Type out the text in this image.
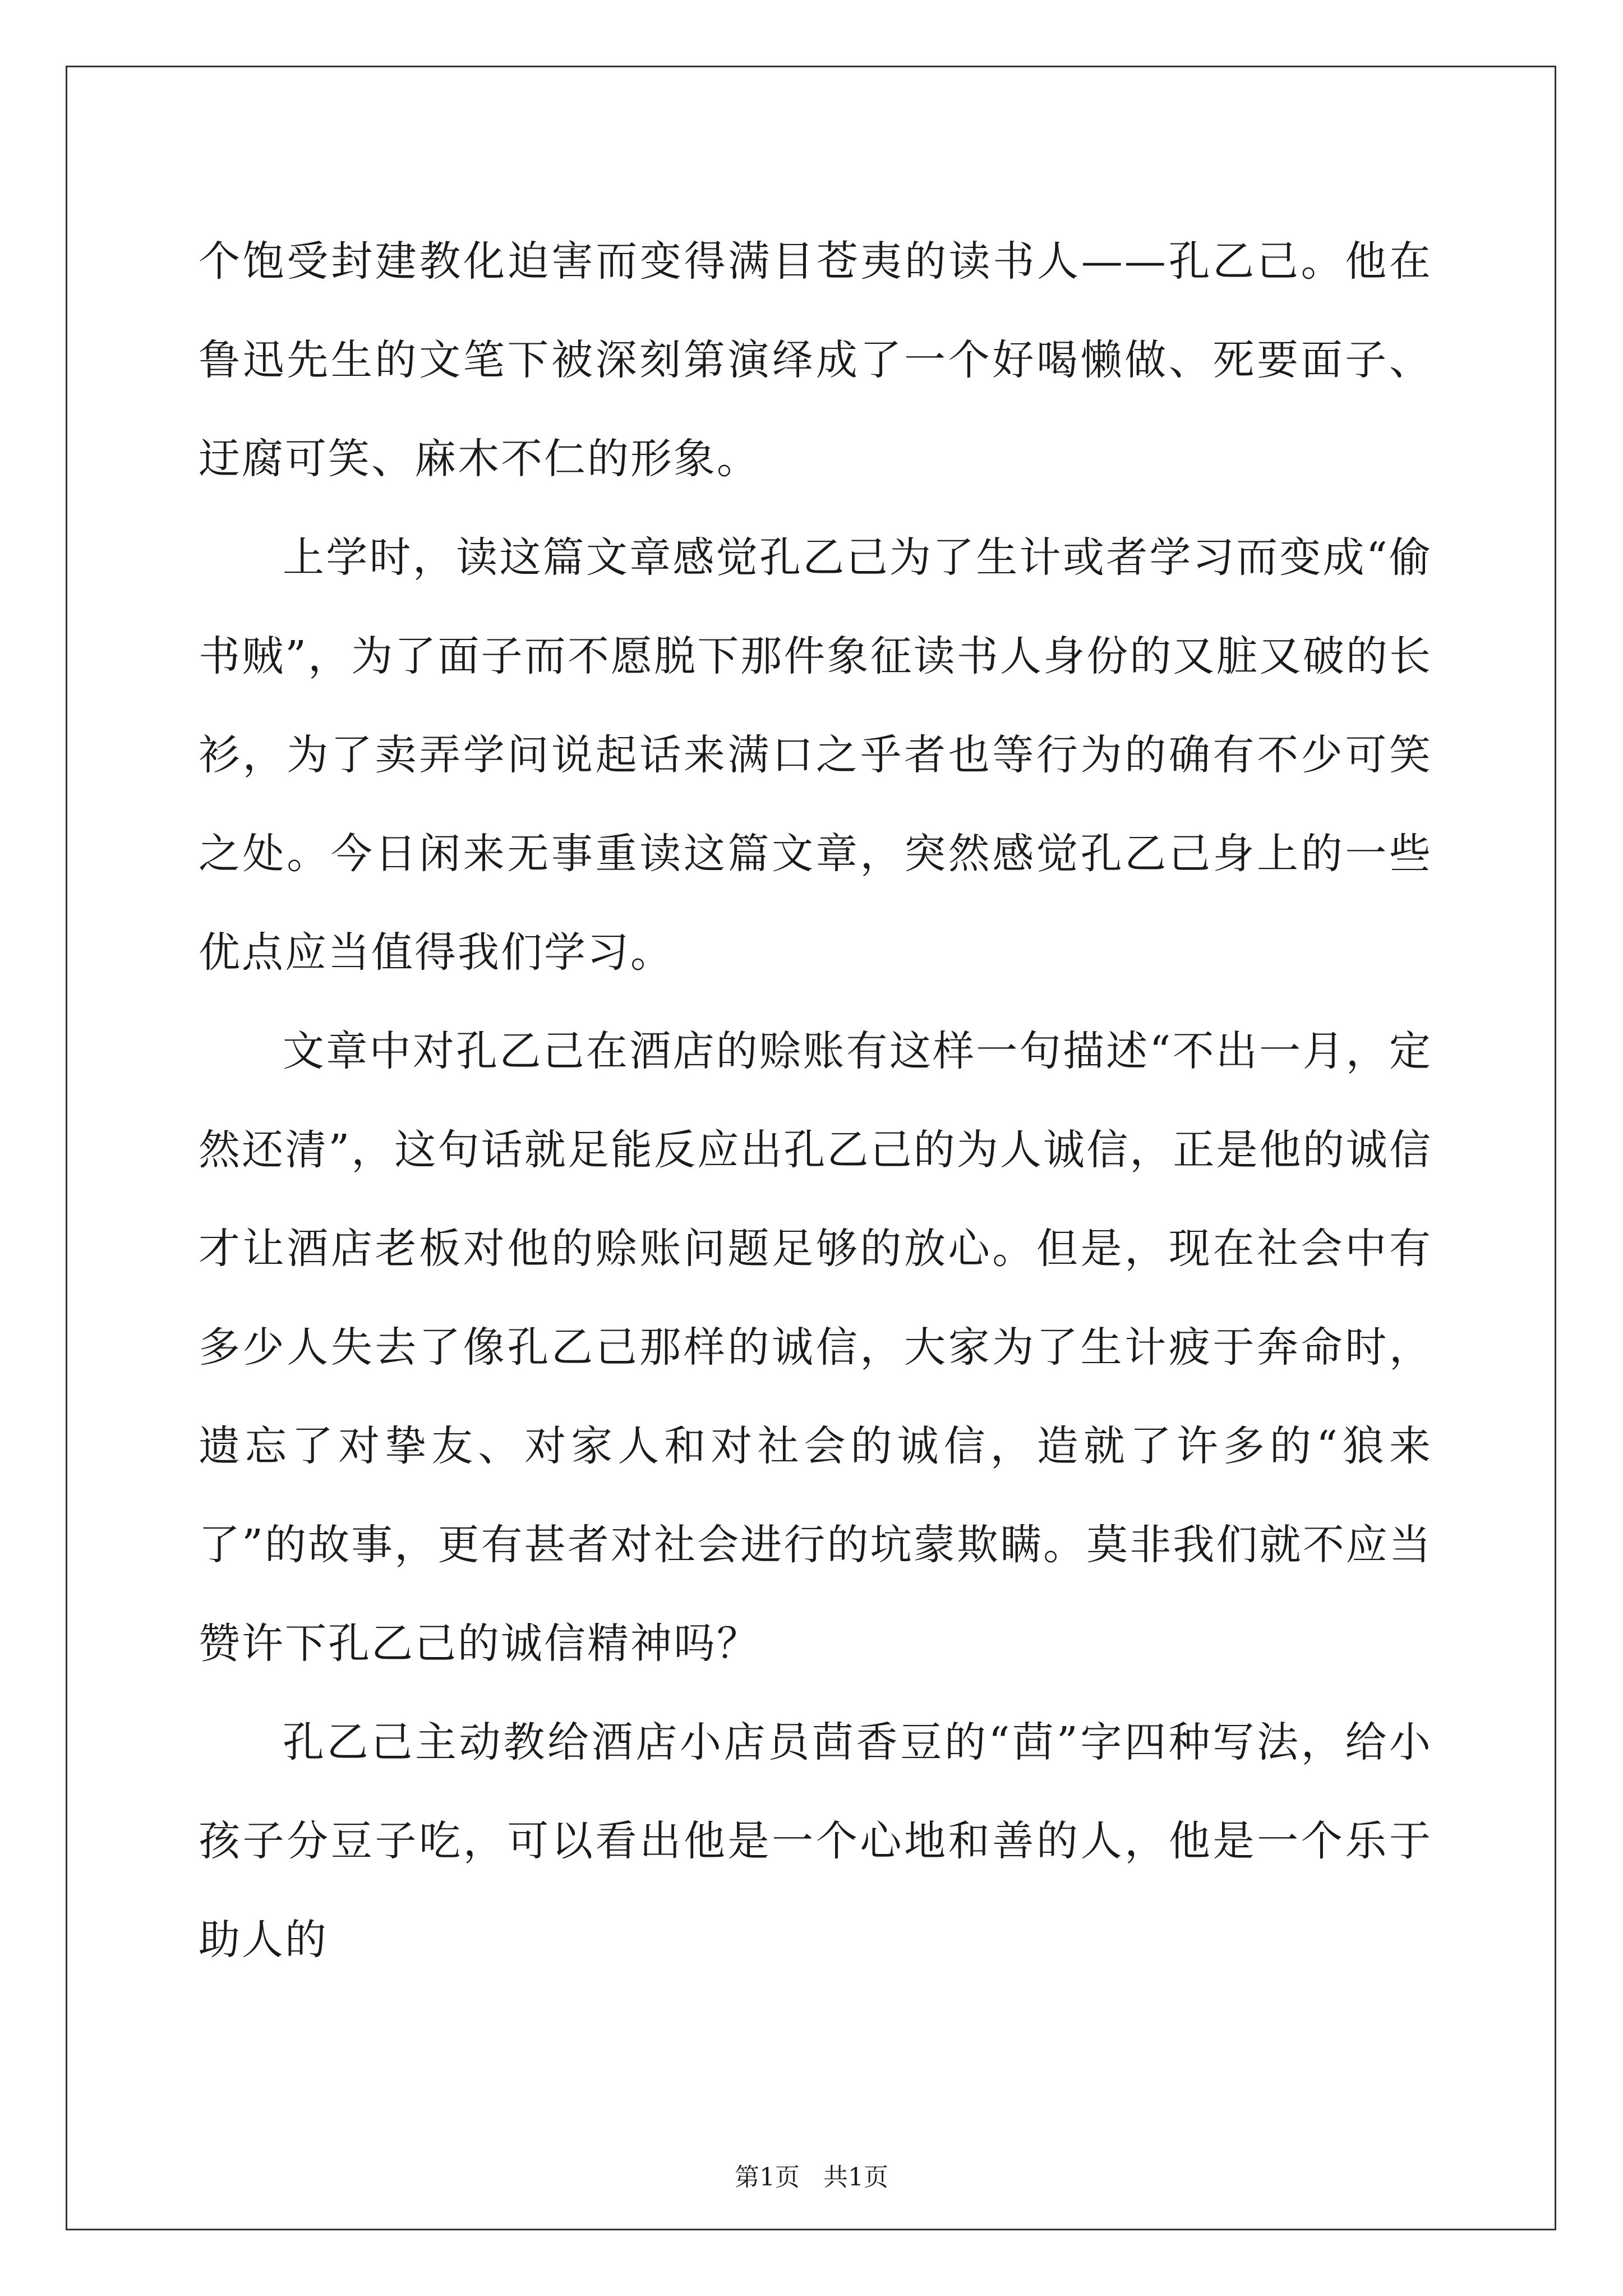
个饱受封建教化迫害而变得满目苍夷的读书人——孔乙己。他在鲁迅先生的文笔下被深刻第演绎成了一个好喝懒做、死要面子、迂腐可笑、麻木不仁的形象。

上学时，读这篇文章感觉孔乙己为了生计或者学习而变成“偷书贼”，为了面子而不愿脱下那件象征读书人身份的又脏又破的长衫，为了卖弄学问说起话来满口之乎者也等行为的确有不少可笑之处。今日闲来无事重读这篇文章，突然感觉孔乙己身上的一些优点应当值得我们学习。

文章中对孔乙己在酒店的赊账有这样一句描述“不出一月，定然还清”，这句话就足能反应出孔乙己的为人诚信，正是他的诚信才让酒店老板对他的赊账问题足够的放心。但是，现在社会中有多少人失去了像孔乙己那样的诚信，大家为了生计疲于奔命时，遗忘了对挚友、对家人和对社会的诚信，造就了许多的“狼来了”的故事，更有甚者对社会进行的坑蒙欺瞒。莫非我们就不应当赞许下孔乙己的诚信精神吗？

孔乙己主动教给酒店小店员茴香豆的“茴”字四种写法，给小孩子分豆子吃，可以看出他是一个心地和善的人，他是一个乐于助人的

第1页   共1页
